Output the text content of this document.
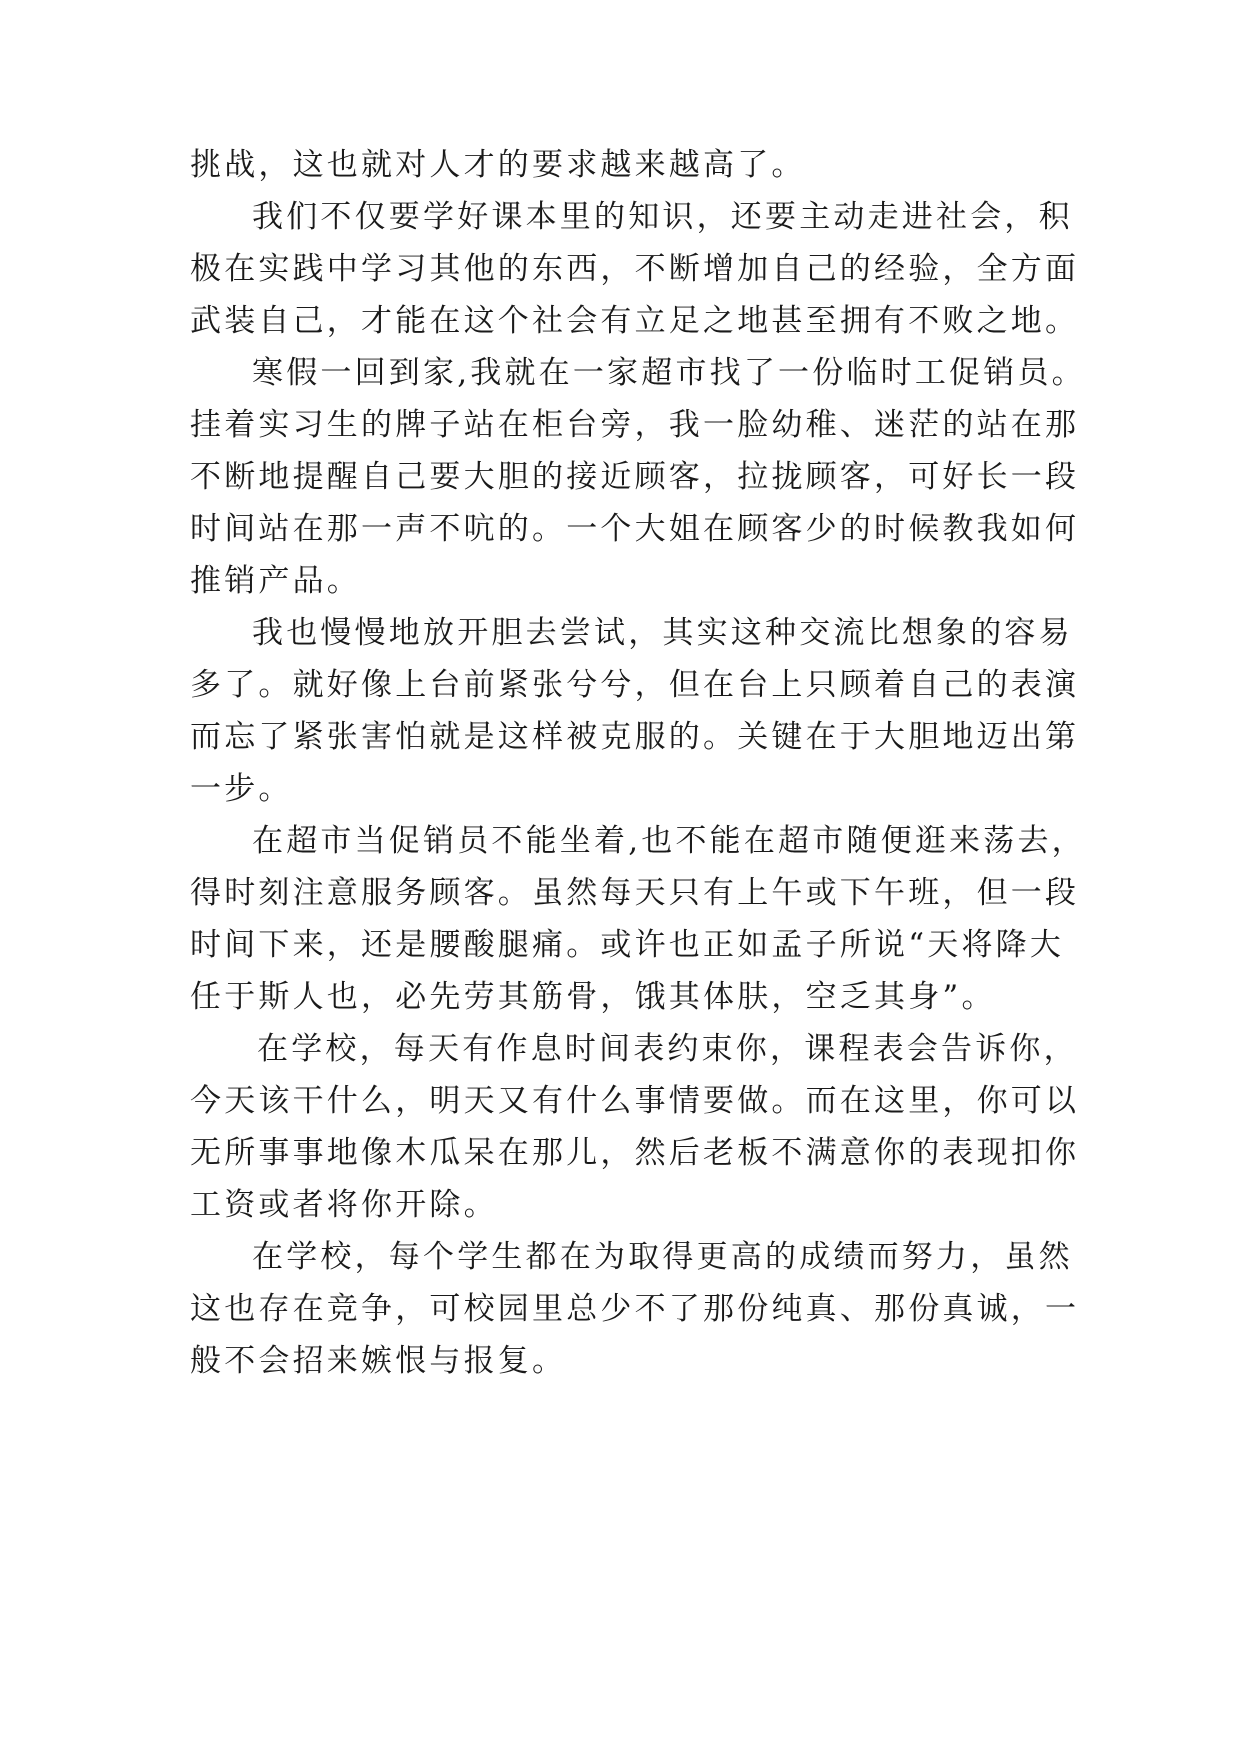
挑战，这也就对人才的要求越来越高了。
我们不仅要学好课本里的知识，还要主动走进社会，积
极在实践中学习其他的东西，不断增加自己的经验，全方面
武装自己，才能在这个社会有立足之地甚至拥有不败之地。
寒假一回到家,我就在一家超市找了一份临时工促销员。
挂着实习生的牌子站在柜台旁，我一脸幼稚、迷茫的站在那
不断地提醒自己要大胆的接近顾客，拉拢顾客，可好长一段
时间站在那一声不吭的。一个大姐在顾客少的时候教我如何
推销产品。
我也慢慢地放开胆去尝试，其实这种交流比想象的容易
多了。就好像上台前紧张兮兮，但在台上只顾着自己的表演
而忘了紧张害怕就是这样被克服的。关键在于大胆地迈出第
一步。
在超市当促销员不能坐着,也不能在超市随便逛来荡去，
得时刻注意服务顾客。虽然每天只有上午或下午班，但一段
时间下来，还是腰酸腿痛。或许也正如孟子所说“天将降大
任于斯人也，必先劳其筋骨，饿其体肤，空乏其身”。
在学校，每天有作息时间表约束你，课程表会告诉你，
今天该干什么，明天又有什么事情要做。而在这里，你可以
无所事事地像木瓜呆在那儿，然后老板不满意你的表现扣你
工资或者将你开除。
在学校，每个学生都在为取得更高的成绩而努力，虽然
这也存在竞争，可校园里总少不了那份纯真、那份真诚，一
般不会招来嫉恨与报复。
